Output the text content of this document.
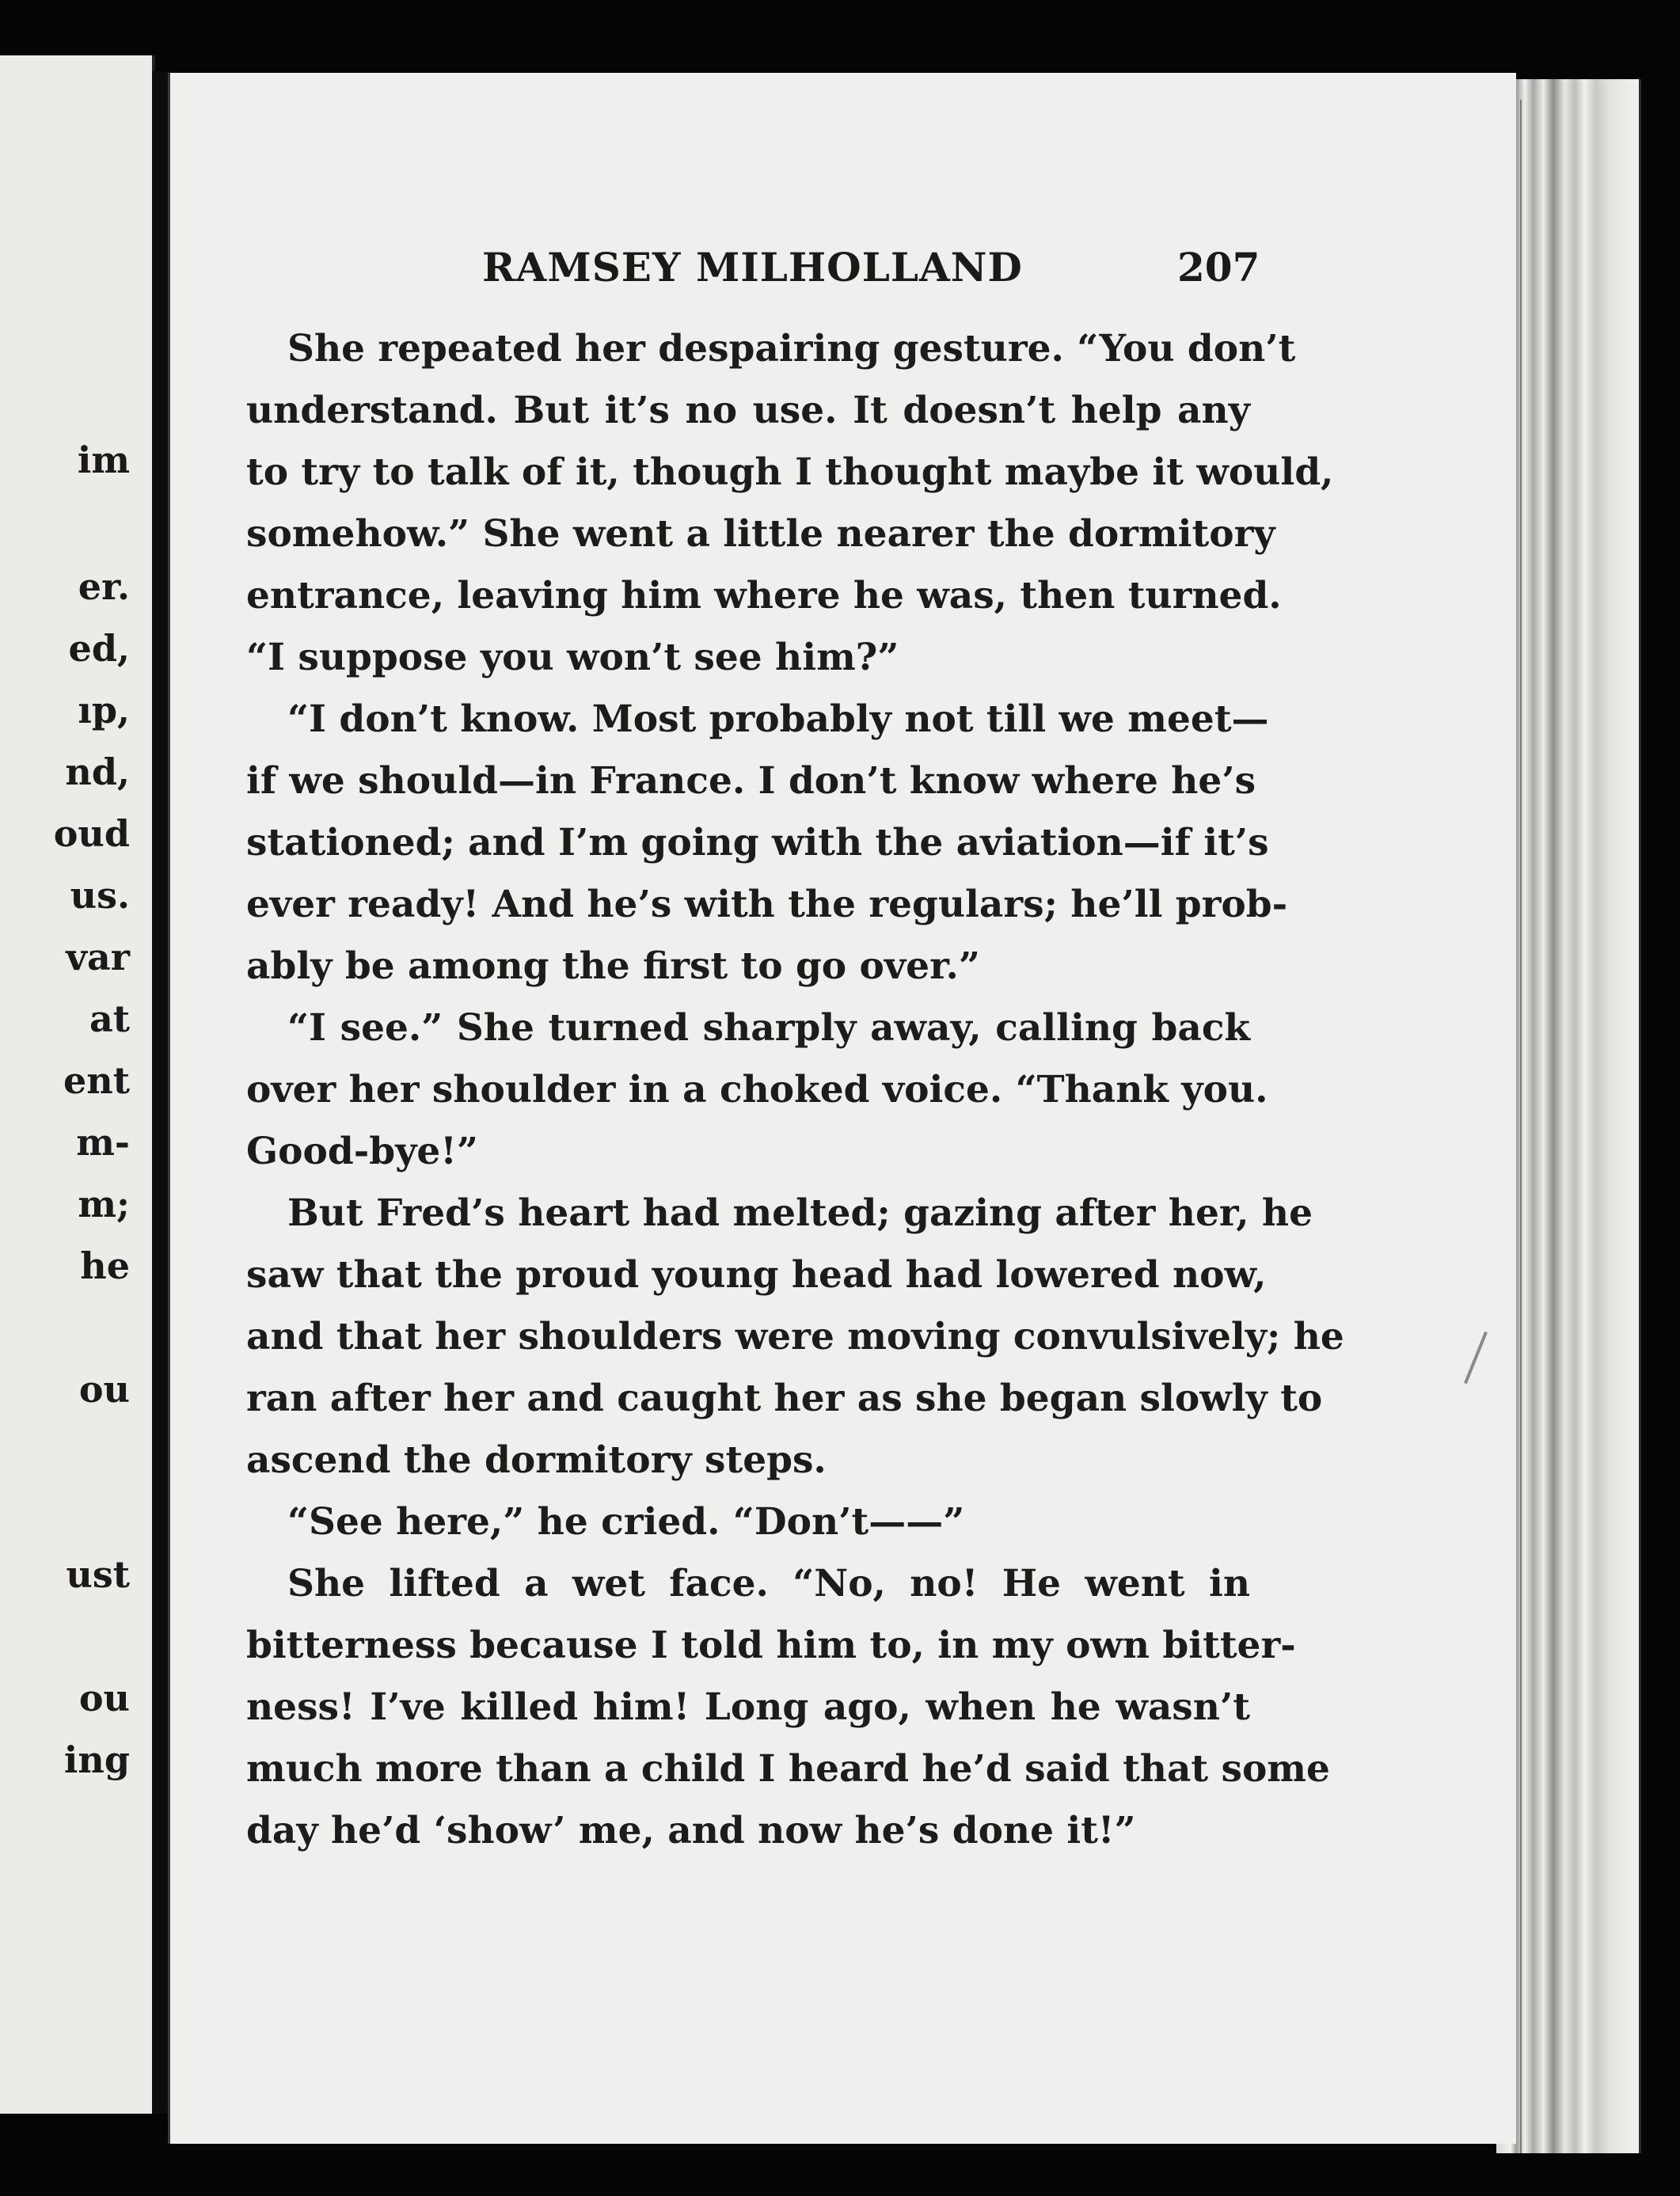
im
er.
ed,
ıp,
nd,
oud
us.
var
at
ent
m-
m;
he
ou
ust
ou
ing
RAMSEY MILHOLLAND	207
She repeated her despairing gesture. “You don’t
understand. But it’s no use. It doesn’t help any
to try to talk of it, though I thought maybe it would,
somehow.” She went a little nearer the dormitory
entrance, leaving him where he was, then turned.
“I suppose you won’t see him?”
“I don’t know. Most probably not till we meet—
if we should—in France. I don’t know where he’s
stationed; and I’m going with the aviation—if it’s
ever ready! And he’s with the regulars; he’ll prob-
ably be among the first to go over.”
“I see.” She turned sharply away, calling back
over her shoulder in a choked voice. “Thank you.
Good-bye!”
But Fred’s heart had melted; gazing after her, he
saw that the proud young head had lowered now,
and that her shoulders were moving convulsively; he
ran after her and caught her as she began slowly to
ascend the dormitory steps.
“See here,” he cried. “Don’t——”
She lifted a wet face. “No, no! He went in
bitterness because I told him to, in my own bitter-
ness! I’ve killed him! Long ago, when he wasn’t
much more than a child I heard he’d said that some
day he’d ‘show’ me, and now he’s done it!”
